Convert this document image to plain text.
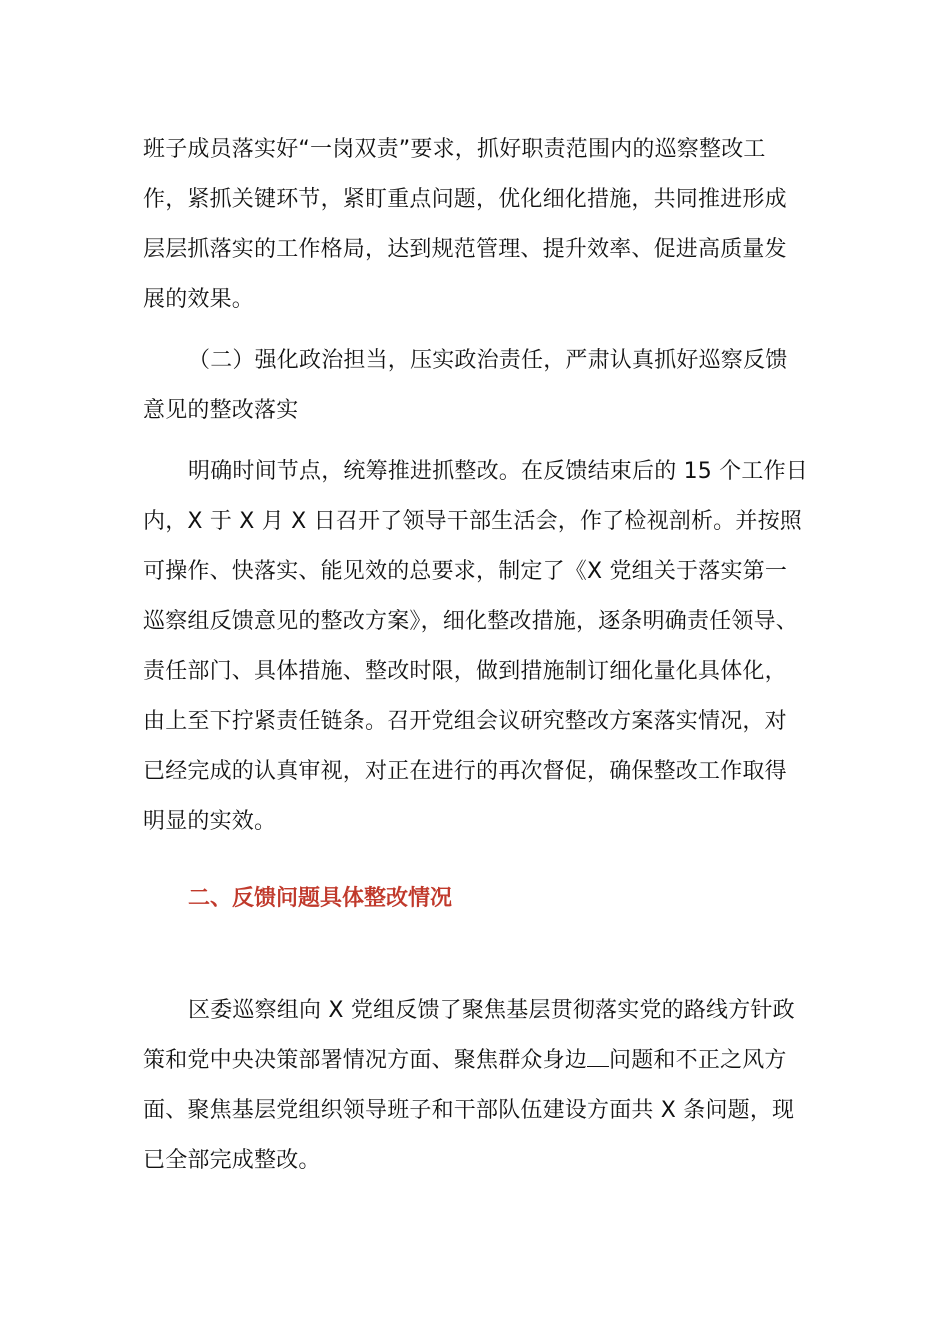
班子成员落实好“一岗双责”要求，抓好职责范围内的巡察整改工

作，紧抓关键环节，紧盯重点问题，优化细化措施，共同推进形成

层层抓落实的工作格局，达到规范管理、提升效率、促进高质量发

展的效果。

（二）强化政治担当，压实政治责任，严肃认真抓好巡察反馈

意见的整改落实

明确时间节点，统筹推进抓整改。在反馈结束后的 15 个工作日

内，X 于 X 月 X 日召开了领导干部生活会，作了检视剖析。并按照

可操作、快落实、能见效的总要求，制定了《X 党组关于落实第一

巡察组反馈意见的整改方案》，细化整改措施，逐条明确责任领导、

责任部门、具体措施、整改时限，做到措施制订细化量化具体化，

由上至下拧紧责任链条。召开党组会议研究整改方案落实情况，对

已经完成的认真审视，对正在进行的再次督促，确保整改工作取得

明显的实效。

二、反馈问题具体整改情况

区委巡察组向 X 党组反馈了聚焦基层贯彻落实党的路线方针政

策和党中央决策部署情况方面、聚焦群众身边 问题和不正之风方

面、聚焦基层党组织领导班子和干部队伍建设方面共 X 条问题，现

已全部完成整改。
